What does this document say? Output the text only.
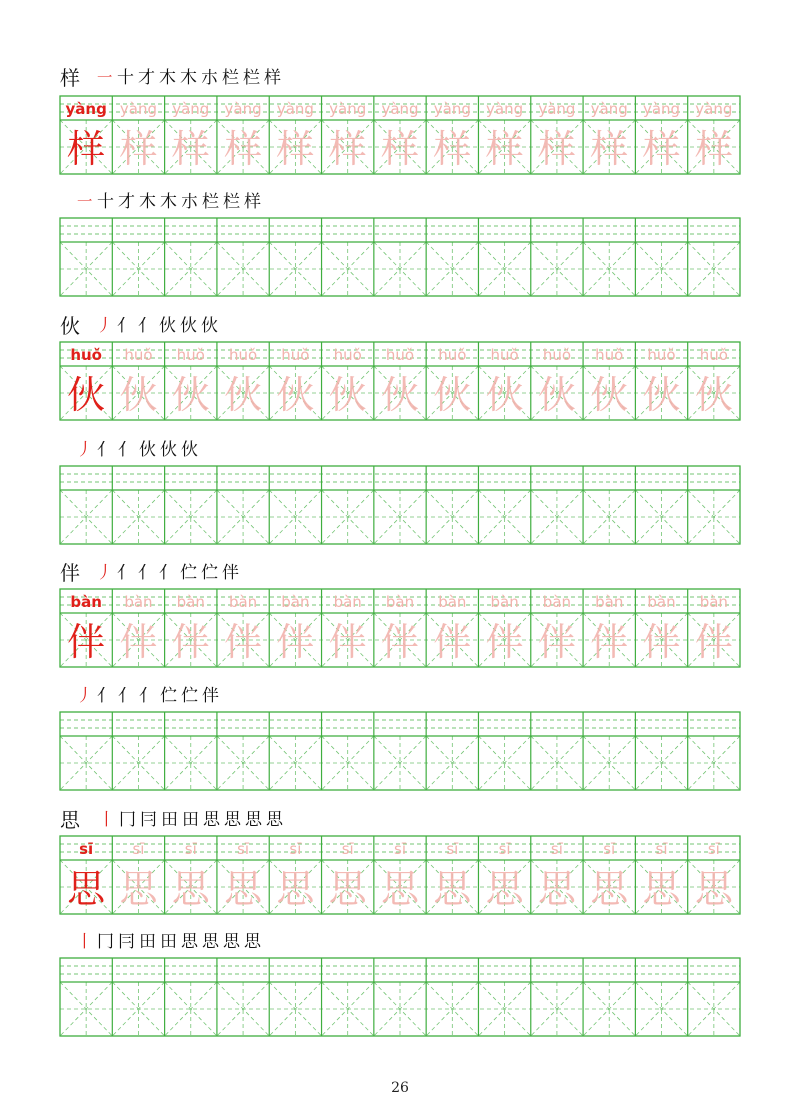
样 ㇐ 十 才 木 木 朩 栏 栏 样
㇐ 十 才 木 木 朩 栏 栏 样
伙 丿 亻 亻 伙 伙 伙
丿 亻 亻 伙 伙 伙
伴 丿 亻 亻 亻 伫 伫 伴
丿 亻 亻 亻 伫 伫 伴
思 丨 冂 冃 田 田 思 思 思 思
丨 冂 冃 田 田 思 思 思 思
yàng
样
yàng
样
yàng
样
yàng
样
yàng
样
yàng
样
yàng
样
yàng
样
yàng
样
yàng
样
yàng
样
yàng
样
yàng
样
huǒ
伙
huǒ
伙
huǒ
伙
huǒ
伙
huǒ
伙
huǒ
伙
huǒ
伙
huǒ
伙
huǒ
伙
huǒ
伙
huǒ
伙
huǒ
伙
huǒ
伙
bàn
伴
bàn
伴
bàn
伴
bàn
伴
bàn
伴
bàn
伴
bàn
伴
bàn
伴
bàn
伴
bàn
伴
bàn
伴
bàn
伴
bàn
伴
sī
思
sī
思
sī
思
sī
思
sī
思
sī
思
sī
思
sī
思
sī
思
sī
思
sī
思
sī
思
sī
思
26
